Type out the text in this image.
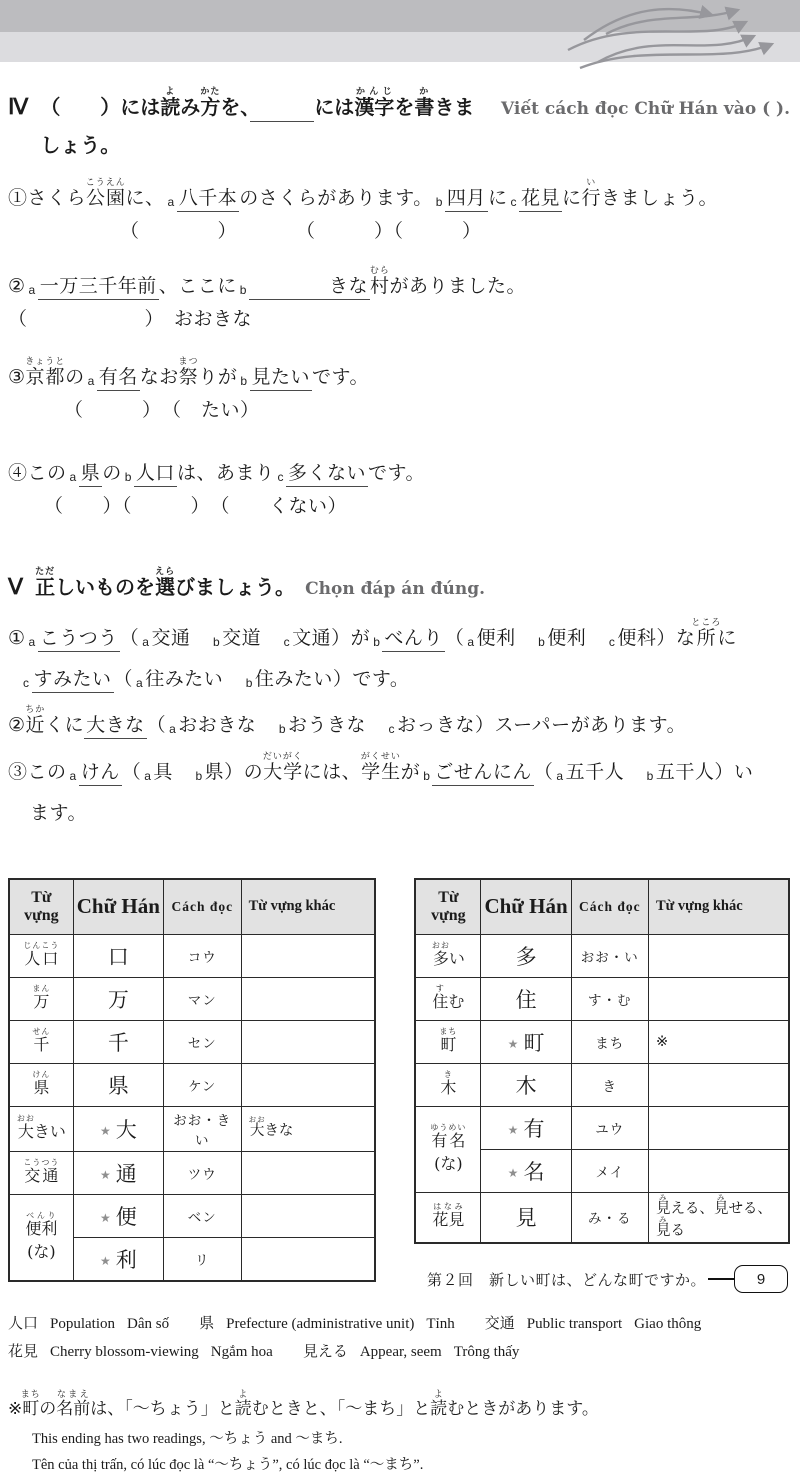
Ⅳ （　　）には読よみ方かたを、　　　	には漢字かんじを書かきましょう。
Viết cách đọc Chữ Hán vào ( ).
①さくら公園こうえんに、 a 八千本 のさくらがあります。 b 四月 に c 花見 に行いきましょう。
（　　　　）　　　　（　　　）（　　　）
② a 一万三千年前 、ここに b　　　　きな村むらがありました。
（　　　　　　）　おおきな
③京都きょうとの a 有名 なお祭まつりが b 見たい です。
（　　　）　（　たい）
④この a 県 の b 人口 は、あまり c 多くない です。
（　　）（　　　）　（　　くない）
Ⅴ 正ただしいものを選えらびましょう。 Chọn đáp án đúng.
① a こうつう （ a 交通　b 交道　c 文通）が b べんり （ a 便利　b 便利　c 便科）な所ところに
c すみたい （ a 往みたい　b 住みたい）です。
②近ちかくに 大きな （ a おおきな　b おうきな　c おっきな）スーパーがあります。
③この a けん （ a 具　b 県）の大学だいがくには、学生がくせいが b ごせんにん （ a 五千人　b 五干人）い
ます。
Từ vựng	Chữ Hán	Cách đọc	Từ vựng khác
人口じんこう	口	コウ	
万まん	万	マン	
千せん	千	セン	
県けん	県	ケン	
大おおきい	★ 大	おお・きい	大おおきな
交通こうつう	★ 通	ツウ	
便利べんり(な)	★ 便	ベン	
	★ 利	リ	
Từ vựng	Chữ Hán	Cách đọc	Từ vựng khác
多おおい	多	おお・い	
住すむ	住	す・む	
町まち	★ 町	まち	※
木き	木	き	
有名ゆうめい(な)	★ 有	ユウ	
	★ 名	メイ	
花見はなみ	見	み・る	見みえる、見みせる、見みる
人口 Population Dân số 県 Prefecture (administrative unit) Tỉnh 交通 Public transport Giao thông
花見 Cherry blossom-viewing Ngắm hoa 見える Appear, seem Trông thấy
※町まちの名前なまえは、「～ちょう」と読よむときと、「～まち」と読よむときがあります。
This ending has two readings, ～ちょう and ～まち.
Tên của thị trấn, có lúc đọc là “～ちょう”, có lúc đọc là “～まち”.
第２回　新しい町は、どんな町ですか。	9
